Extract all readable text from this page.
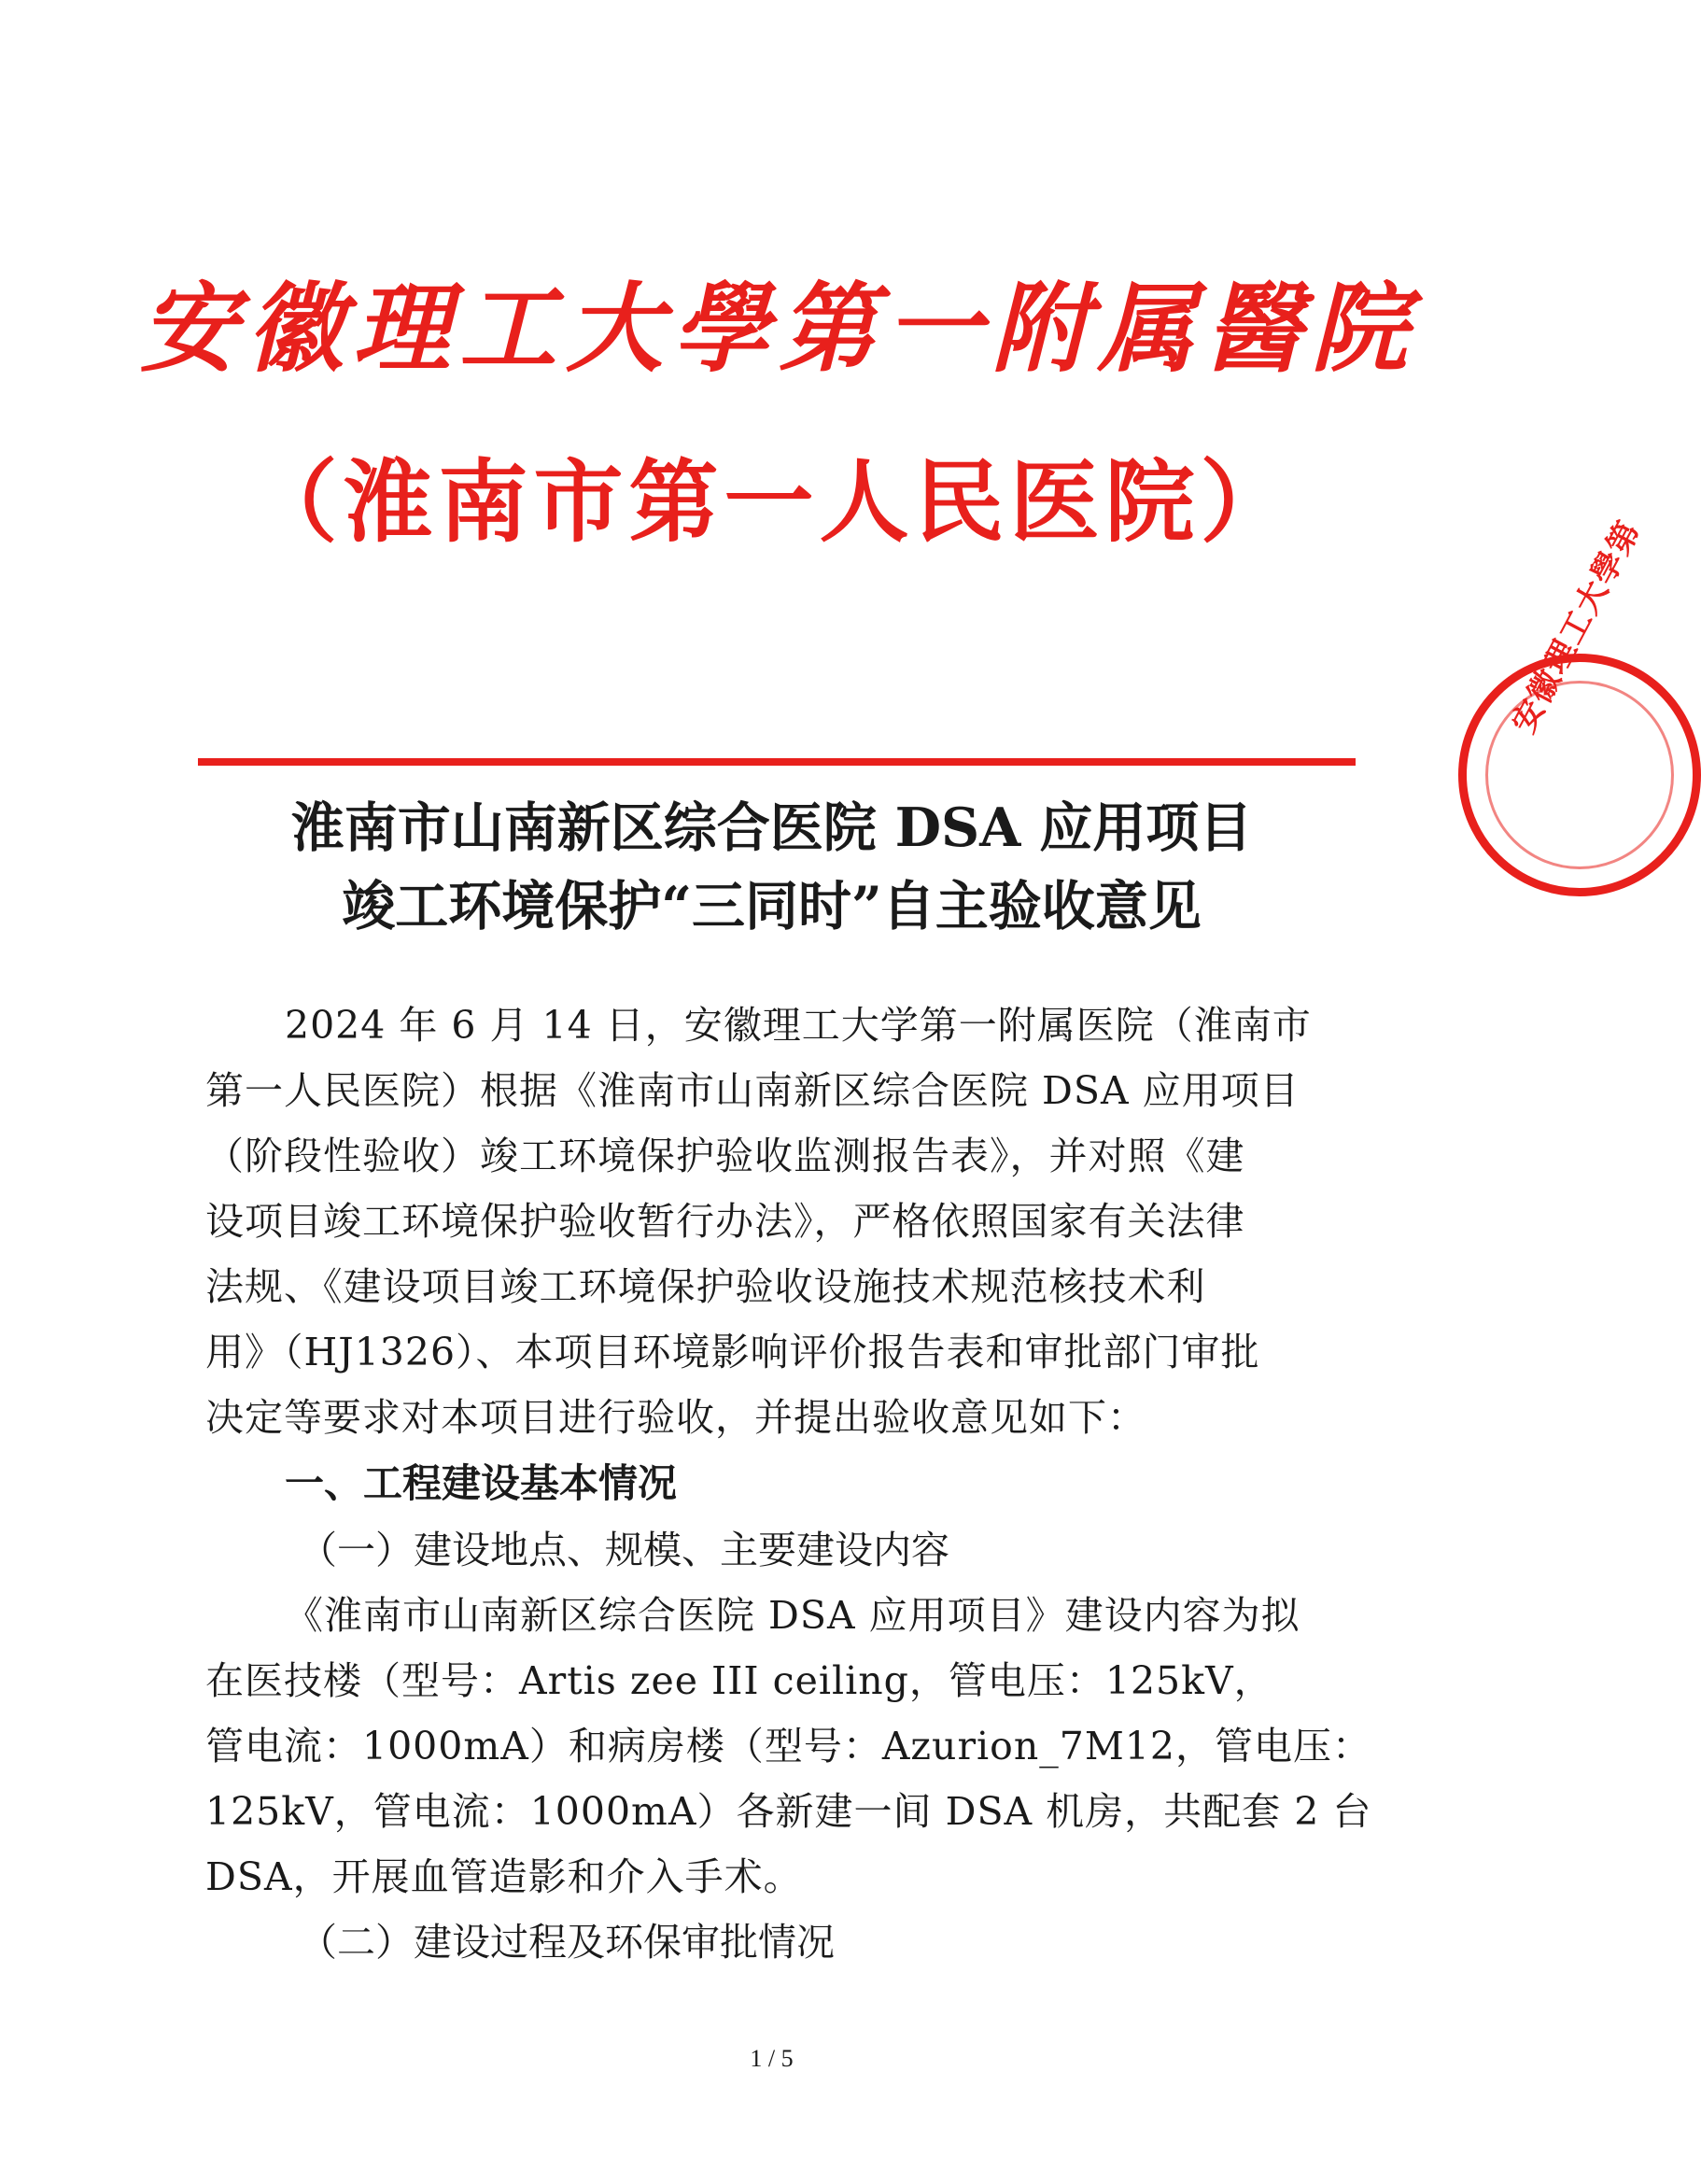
安徽理工大學第一附属醫院
（淮南市第一人民医院）
安徽理工大學第
淮南市山南新区综合医院 DSA 应用项目
竣工环境保护“三同时”自主验收意见
2024 年 6 月 14 日，安徽理工大学第一附属医院（淮南市
第一人民医院）根据《淮南市山南新区综合医院 DSA 应用项目
（阶段性验收）竣工环境保护验收监测报告表》，并对照《建
设项目竣工环境保护验收暂行办法》，严格依照国家有关法律
法规、《建设项目竣工环境保护验收设施技术规范核技术利
用》（HJ1326）、本项目环境影响评价报告表和审批部门审批
决定等要求对本项目进行验收，并提出验收意见如下：
一、工程建设基本情况
（一）建设地点、规模、主要建设内容
《淮南市山南新区综合医院 DSA 应用项目》建设内容为拟
在医技楼（型号：Artis zee III ceiling，管电压：125kV，
管电流：1000mA）和病房楼（型号：Azurion_7M12，管电压：
125kV，管电流：1000mA）各新建一间 DSA 机房，共配套 2 台
DSA，开展血管造影和介入手术。
（二）建设过程及环保审批情况
1 / 5
